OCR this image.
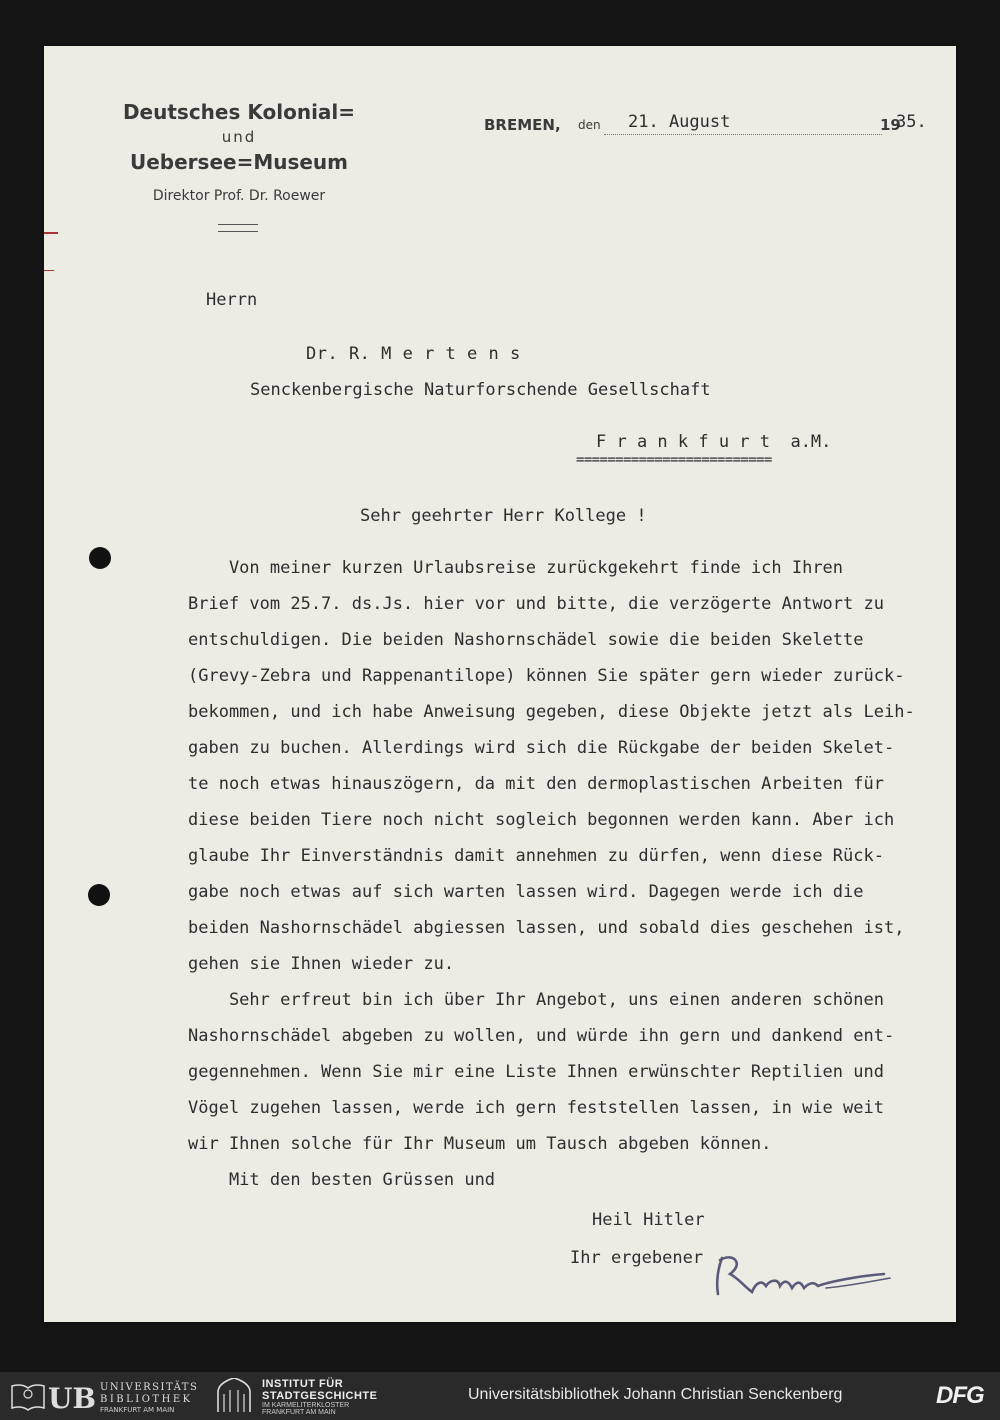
Deutsches Kolonial=
und
Uebersee=Museum
Direktor Prof. Dr. Roewer
BREMEN, den 21. August	19
35.
Herrn
Dr. R. M e r t e n s
Senckenbergische Naturforschende Gesellschaft
F r a n k f u r t  a.M.
=========================
Sehr geehrter Herr Kollege !
Von meiner kurzen Urlaubsreise zurückgekehrt finde ich Ihren
Brief vom 25.7. ds.Js. hier vor und bitte, die verzögerte Antwort zu
entschuldigen. Die beiden Nashornschädel sowie die beiden Skelette
(Grevy-Zebra und Rappenantilope) können Sie später gern wieder zurück-
bekommen, und ich habe Anweisung gegeben, diese Objekte jetzt als Leih-
gaben zu buchen. Allerdings wird sich die Rückgabe der beiden Skelet-
te noch etwas hinauszögern, da mit den dermoplastischen Arbeiten für
diese beiden Tiere noch nicht sogleich begonnen werden kann. Aber ich
glaube Ihr Einverständnis damit annehmen zu dürfen, wenn diese Rück-
gabe noch etwas auf sich warten lassen wird. Dagegen werde ich die
beiden Nashornschädel abgiessen lassen, und sobald dies geschehen ist,
gehen sie Ihnen wieder zu.
Sehr erfreut bin ich über Ihr Angebot, uns einen anderen schönen
Nashornschädel abgeben zu wollen, und würde ihn gern und dankend ent-
gegennehmen. Wenn Sie mir eine Liste Ihnen erwünschter Reptilien und
Vögel zugehen lassen, werde ich gern feststellen lassen, in wie weit
wir Ihnen solche für Ihr Museum um Tausch abgeben können.
Mit den besten Grüssen und
Heil Hitler
Ihr ergebener
UB UNIVERSITÄTS
BIBLIOTHEK
FRANKFURT AM MAIN
INSTITUT FÜR
STADTGESCHICHTE
IM KARMELITERKLOSTER
FRANKFURT AM MAIN
Universitätsbibliothek Johann Christian Senckenberg	DFG
